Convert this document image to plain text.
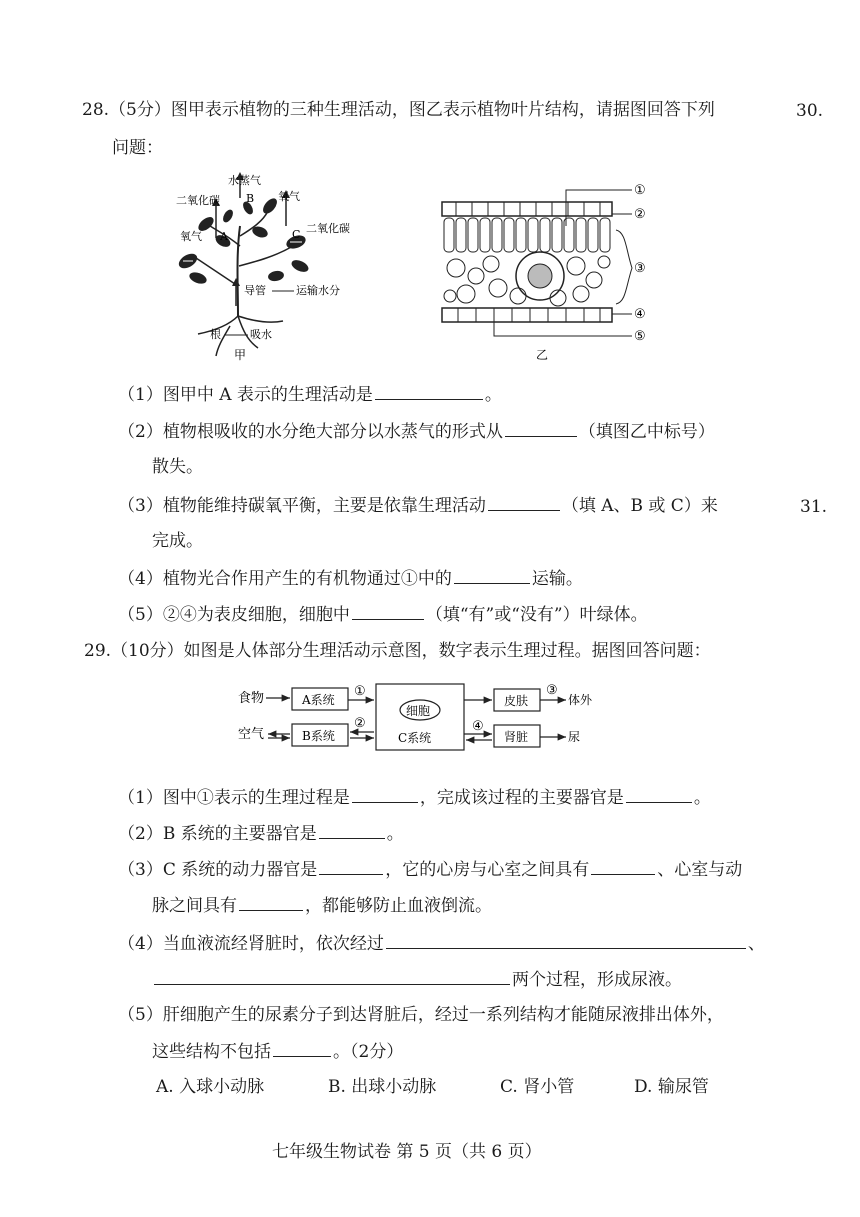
30.
31.
28.（5分）图甲表示植物的三种生理活动，图乙表示植物叶片结构，请据图回答下列
问题：
水蒸气
二氧化碳 B 氧气
氧气 A
二氧化碳
C
导管	运输水分
根	吸水
甲
①
②
③
④
⑤
乙
（1）图甲中 A 表示的生理活动是	。
（2）植物根吸收的水分绝大部分以水蒸气的形式从	（填图乙中标号）
散失。
（3）植物能维持碳氧平衡，主要是依靠生理活动	（填 A、B 或 C）来
完成。
（4）植物光合作用产生的有机物通过①中的	运输。
（5）②④为表皮细胞，细胞中	（填“有”或“没有”）叶绿体。
29.（10分）如图是人体部分生理活动示意图，数字表示生理过程。据图回答问题：
食物
空气
A系统
B系统
①
②
细胞
C系统
④
皮肤
肾脏
③
体外
尿
（1）图中①表示的生理过程是	，完成该过程的主要器官是	。
（2）B 系统的主要器官是	。
（3）C 系统的动力器官是	，它的心房与心室之间具有	、心室与动
脉之间具有	，都能够防止血液倒流。
（4）当血液流经肾脏时，依次经过	、
两个过程，形成尿液。
（5）肝细胞产生的尿素分子到达肾脏后，经过一系列结构才能随尿液排出体外，
这些结构不包括	。（2分）
A. 入球小动脉	B. 出球小动脉	C. 肾小管	D. 输尿管
七年级生物试卷 第 5 页（共 6 页）
